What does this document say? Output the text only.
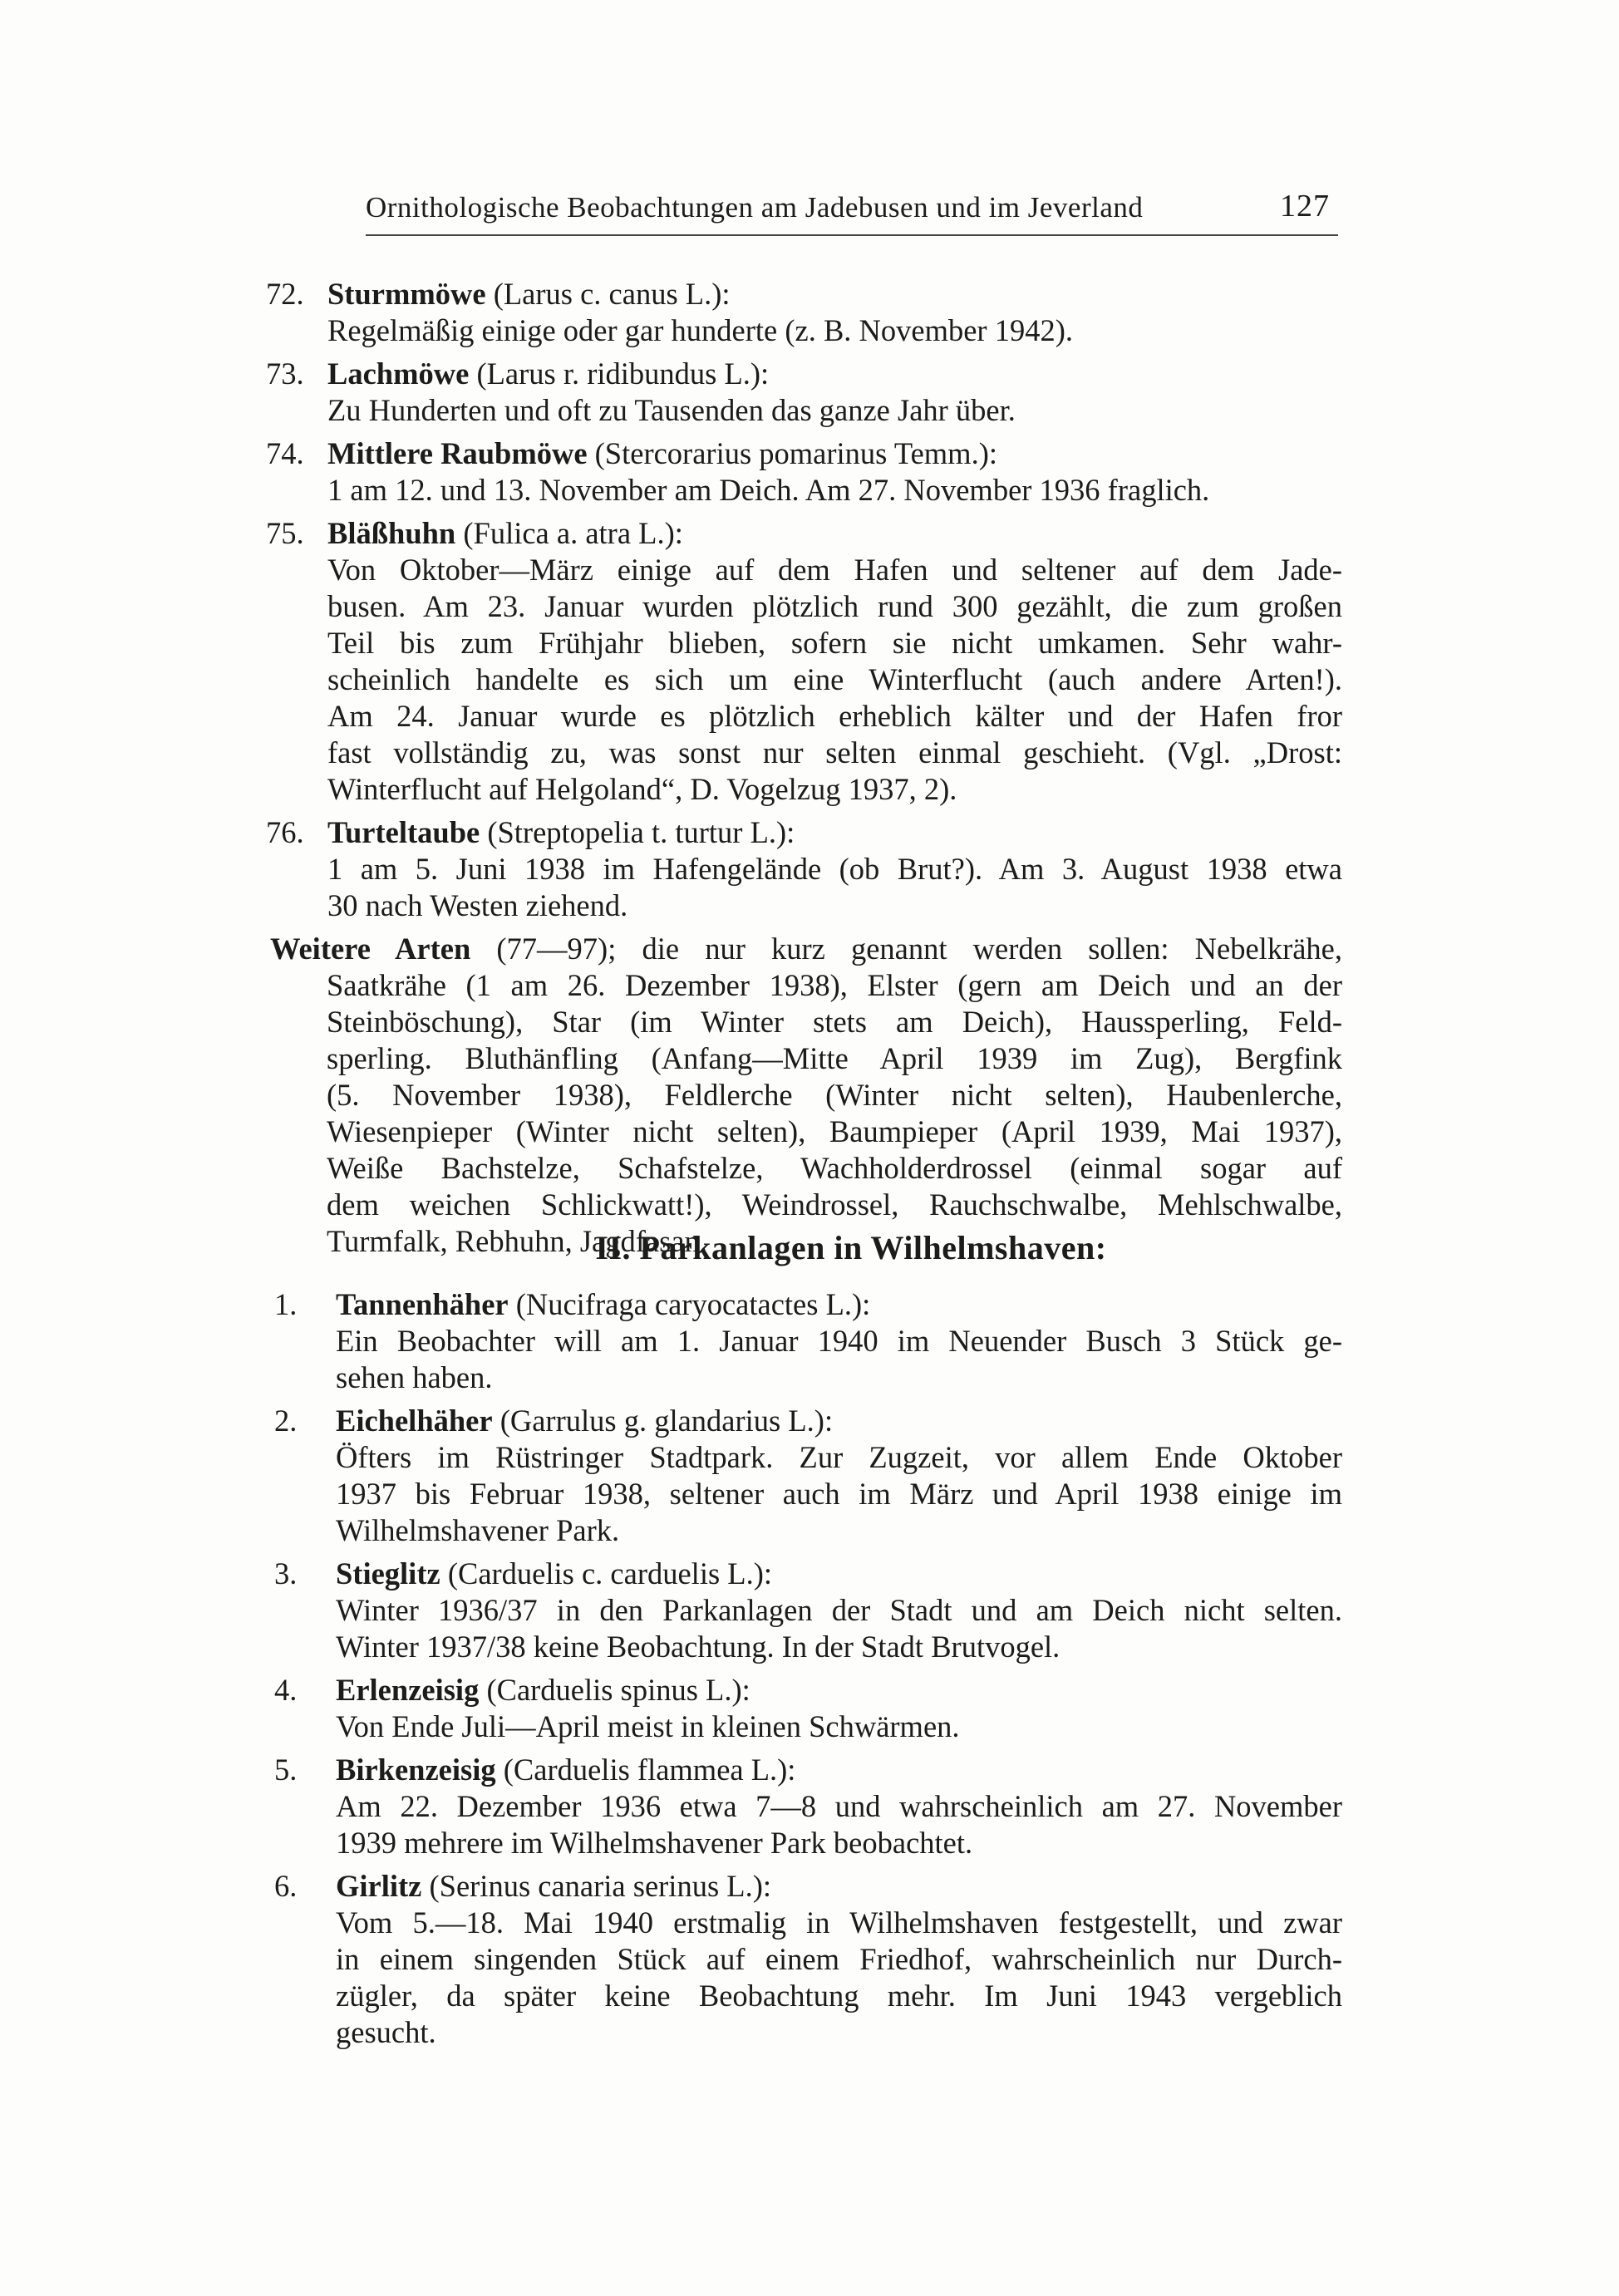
Ornithologische Beobachtungen am Jadebusen und im Jeverland	127
72. Sturmmöwe (Larus c. canus L.):
Regelmäßig einige oder gar hunderte (z. B. November 1942).
73. Lachmöwe (Larus r. ridibundus L.):
Zu Hunderten und oft zu Tausenden das ganze Jahr über.
74. Mittlere Raubmöwe (Stercorarius pomarinus Temm.):
1 am 12. und 13. November am Deich. Am 27. November 1936 fraglich.
75. Bläßhuhn (Fulica a. atra L.):
Von Oktober—März einige auf dem Hafen und seltener auf dem Jade-
busen. Am 23. Januar wurden plötzlich rund 300 gezählt, die zum großen
Teil bis zum Frühjahr blieben, sofern sie nicht umkamen. Sehr wahr-
scheinlich handelte es sich um eine Winterflucht (auch andere Arten!).
Am 24. Januar wurde es plötzlich erheblich kälter und der Hafen fror
fast vollständig zu, was sonst nur selten einmal geschieht. (Vgl. „Drost:
Winterflucht auf Helgoland“, D. Vogelzug 1937, 2).
76. Turteltaube (Streptopelia t. turtur L.):
1 am 5. Juni 1938 im Hafengelände (ob Brut?). Am 3. August 1938 etwa
30 nach Westen ziehend.
Weitere Arten (77—97); die nur kurz genannt werden sollen: Nebelkrähe,
Saatkrähe (1 am 26. Dezember 1938), Elster (gern am Deich und an der
Steinböschung), Star (im Winter stets am Deich), Haussperling, Feld-
sperling. Bluthänfling (Anfang—Mitte April 1939 im Zug), Bergfink
(5. November 1938), Feldlerche (Winter nicht selten), Haubenlerche,
Wiesenpieper (Winter nicht selten), Baumpieper (April 1939, Mai 1937),
Weiße Bachstelze, Schafstelze, Wachholderdrossel (einmal sogar auf
dem weichen Schlickwatt!), Weindrossel, Rauchschwalbe, Mehlschwalbe,
Turmfalk, Rebhuhn, Jagdfasan.
II. Parkanlagen in Wilhelmshaven:
1.	Tannenhäher (Nucifraga caryocatactes L.):
Ein Beobachter will am 1. Januar 1940 im Neuender Busch 3 Stück ge-
sehen haben.
2.	Eichelhäher (Garrulus g. glandarius L.):
Öfters im Rüstringer Stadtpark. Zur Zugzeit, vor allem Ende Oktober
1937 bis Februar 1938, seltener auch im März und April 1938 einige im
Wilhelmshavener Park.
3.	Stieglitz (Carduelis c. carduelis L.):
Winter 1936/37 in den Parkanlagen der Stadt und am Deich nicht selten.
Winter 1937/38 keine Beobachtung. In der Stadt Brutvogel.
4.	Erlenzeisig (Carduelis spinus L.):
Von Ende Juli—April meist in kleinen Schwärmen.
5.	Birkenzeisig (Carduelis flammea L.):
Am 22. Dezember 1936 etwa 7—8 und wahrscheinlich am 27. November
1939 mehrere im Wilhelmshavener Park beobachtet.
6.	Girlitz (Serinus canaria serinus L.):
Vom 5.—18. Mai 1940 erstmalig in Wilhelmshaven festgestellt, und zwar
in einem singenden Stück auf einem Friedhof, wahrscheinlich nur Durch-
zügler, da später keine Beobachtung mehr. Im Juni 1943 vergeblich
gesucht.
